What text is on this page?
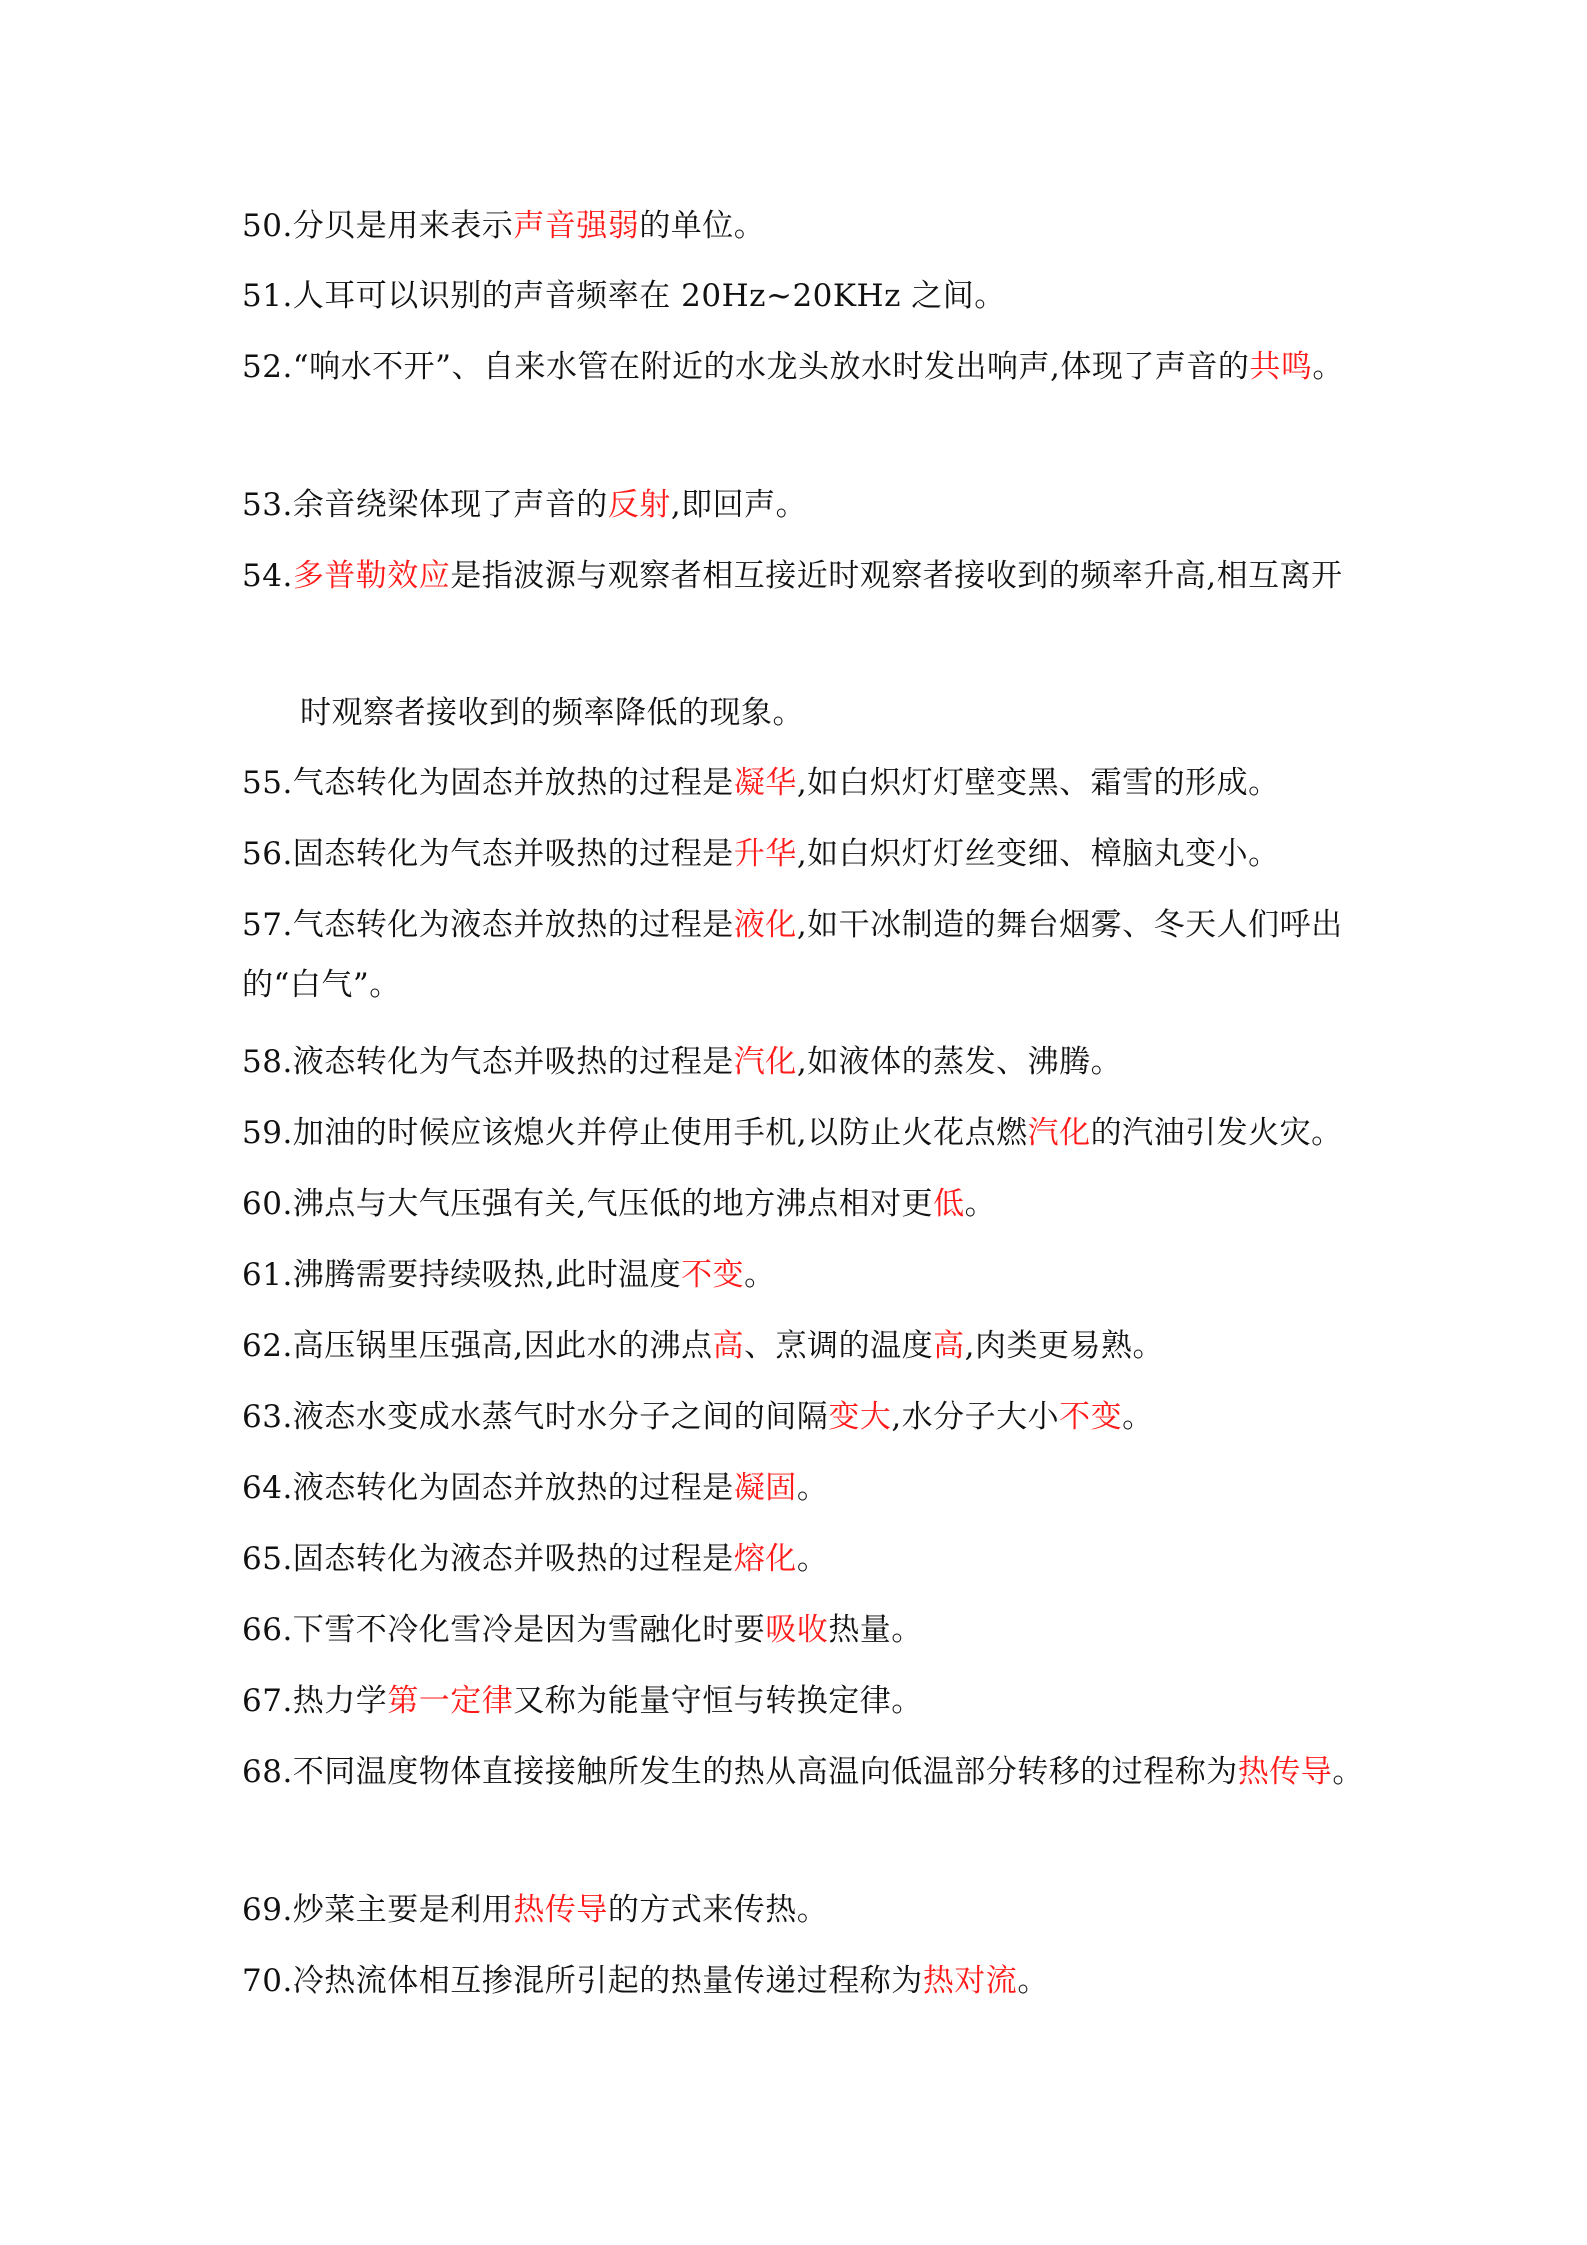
50.分贝是用来表示声音强弱的单位。
51.人耳可以识别的声音频率在 20Hz~20KHz 之间。
52.“响水不开”、自来水管在附近的水龙头放水时发出响声,体现了声音的共鸣。
53.余音绕梁体现了声音的反射,即回声。
54.多普勒效应是指波源与观察者相互接近时观察者接收到的频率升高,相互离开
时观察者接收到的频率降低的现象。
55.气态转化为固态并放热的过程是凝华,如白炽灯灯壁变黑、霜雪的形成。
56.固态转化为气态并吸热的过程是升华,如白炽灯灯丝变细、樟脑丸变小。
57.气态转化为液态并放热的过程是液化,如干冰制造的舞台烟雾、冬天人们呼出的“白气”。
58.液态转化为气态并吸热的过程是汽化,如液体的蒸发、沸腾。
59.加油的时候应该熄火并停止使用手机,以防止火花点燃汽化的汽油引发火灾。
60.沸点与大气压强有关,气压低的地方沸点相对更低。
61.沸腾需要持续吸热,此时温度不变。
62.高压锅里压强高,因此水的沸点高、烹调的温度高,肉类更易熟。
63.液态水变成水蒸气时水分子之间的间隔变大,水分子大小不变。
64.液态转化为固态并放热的过程是凝固。
65.固态转化为液态并吸热的过程是熔化。
66.下雪不冷化雪冷是因为雪融化时要吸收热量。
67.热力学第一定律又称为能量守恒与转换定律。
68.不同温度物体直接接触所发生的热从高温向低温部分转移的过程称为热传导。
69.炒菜主要是利用热传导的方式来传热。
70.冷热流体相互掺混所引起的热量传递过程称为热对流。
